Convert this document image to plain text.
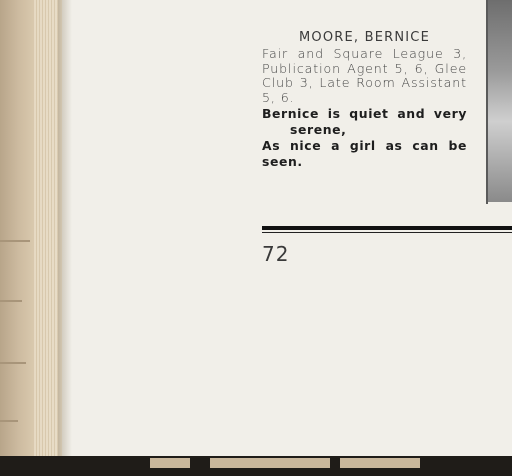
MOORE, BERNICE

Fair and Square League 3, Publication Agent 5, 6, Glee Club 3, Late Room Assistant 5, 6.

Bernice is quiet and very
serene,
As nice a girl as can be seen.

72
